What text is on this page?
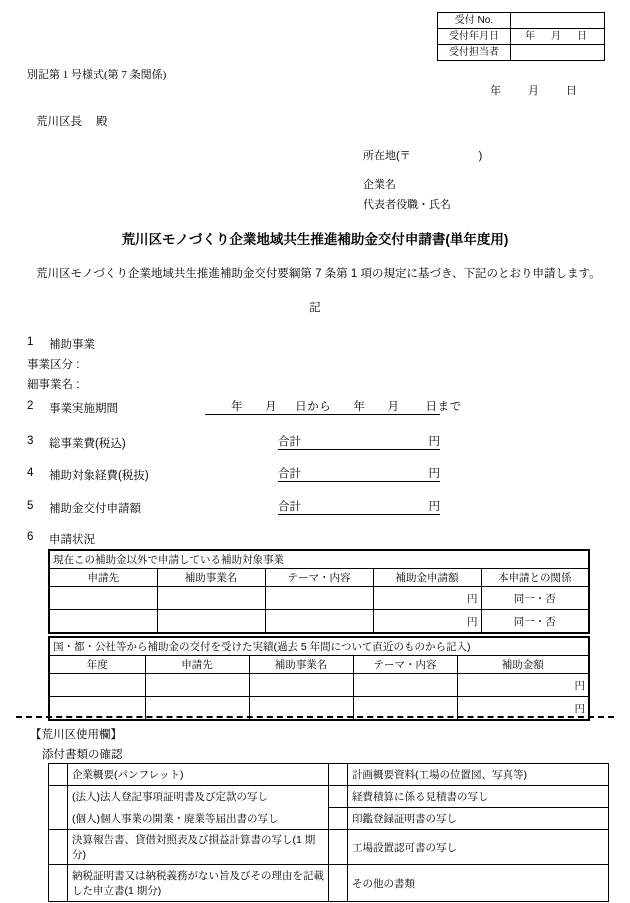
受付 No.	
受付年月日	年　月　日
受付担当者	
別記第 1 号様式(第 7 条関係)
年　　月　　日
荒川区長 殿
所在地(〒	)
企業名
代表者役職・氏名
荒川区モノづくり企業地域共生推進補助金交付申請書(単年度用)
荒川区モノづくり企業地域共生推進補助金交付要綱第 7 条第 1 項の規定に基づき、下記のとおり申請します。
記
1	補助事業
事業区分 :
細事業名 :
2	事業実施期間	年 月 日から 年 月 日まで
3	総事業費(税込)	合計	円
4	補助対象経費(税抜)	合計	円
5	補助金交付申請額	合計	円
6	申請状況
現在この補助金以外で申請している補助対象事業				
申請先	補助事業名	テーマ・内容	補助金申請額	本申請との関係
			円	同一・否
			円	同一・否
国・都・公社等から補助金の交付を受けた実績(過去 5 年間について直近のものから記入)				
年度	申請先	補助事業名	テーマ・内容	補助金額
				円
				円
【荒川区使用欄】
添付書類の確認
	企業概要(パンフレット)		計画概要資料(工場の位置図、写真等)
	(法人)法人登記事項証明書及び定款の写し		経費積算に係る見積書の写し
	(個人)個人事業の開業・廃業等届出書の写し		印鑑登録証明書の写し
	決算報告書、貸借対照表及び損益計算書の写し(1 期分)		工場設置認可書の写し
	納税証明書又は納税義務がない旨及びその理由を記載した申立書(1 期分)		その他の書類
